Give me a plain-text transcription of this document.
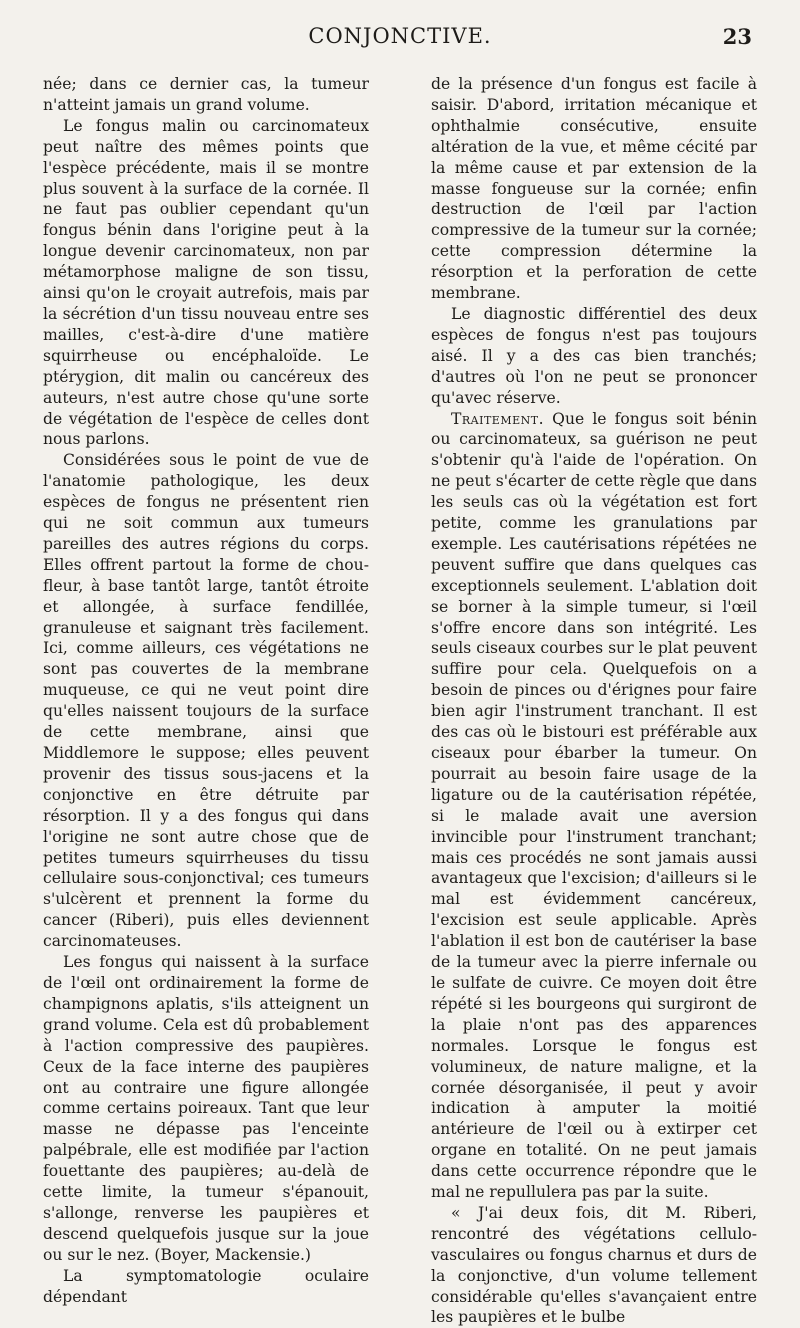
CONJONCTIVE.	23

née; dans ce dernier cas, la tumeur n'atteint jamais un grand volume.

Le fongus malin ou carcinomateux peut naître des mêmes points que l'espèce précédente, mais il se montre plus souvent à la surface de la cornée. Il ne faut pas oublier cependant qu'un fongus bénin dans l'origine peut à la longue devenir carcinomateux, non par métamorphose maligne de son tissu, ainsi qu'on le croyait autrefois, mais par la sécrétion d'un tissu nouveau entre ses mailles, c'est-à-dire d'une matière squirrheuse ou encéphaloïde. Le ptérygion, dit malin ou cancéreux des auteurs, n'est autre chose qu'une sorte de végétation de l'espèce de celles dont nous parlons.

Considérées sous le point de vue de l'anatomie pathologique, les deux espèces de fongus ne présentent rien qui ne soit commun aux tumeurs pareilles des autres régions du corps. Elles offrent partout la forme de chou-fleur, à base tantôt large, tantôt étroite et allongée, à surface fendillée, granuleuse et saignant très facilement. Ici, comme ailleurs, ces végétations ne sont pas couvertes de la membrane muqueuse, ce qui ne veut point dire qu'elles naissent toujours de la surface de cette membrane, ainsi que Middlemore le suppose; elles peuvent provenir des tissus sous-jacens et la conjonctive en être détruite par résorption. Il y a des fongus qui dans l'origine ne sont autre chose que de petites tumeurs squirrheuses du tissu cellulaire sous-conjonctival; ces tumeurs s'ulcèrent et prennent la forme du cancer (Riberi), puis elles deviennent carcinomateuses.

Les fongus qui naissent à la surface de l'œil ont ordinairement la forme de champignons aplatis, s'ils atteignent un grand volume. Cela est dû probablement à l'action compressive des paupières. Ceux de la face interne des paupières ont au contraire une figure allongée comme certains poireaux. Tant que leur masse ne dépasse pas l'enceinte palpébrale, elle est modifiée par l'action fouettante des paupières; au-delà de cette limite, la tumeur s'épanouit, s'allonge, renverse les paupières et descend quelquefois jusque sur la joue ou sur le nez. (Boyer, Mackensie.)

La symptomatologie oculaire dépendant

de la présence d'un fongus est facile à saisir. D'abord, irritation mécanique et ophthalmie consécutive, ensuite altération de la vue, et même cécité par la même cause et par extension de la masse fongueuse sur la cornée; enfin destruction de l'œil par l'action compressive de la tumeur sur la cornée; cette compression détermine la résorption et la perforation de cette membrane.

Le diagnostic différentiel des deux espèces de fongus n'est pas toujours aisé. Il y a des cas bien tranchés; d'autres où l'on ne peut se prononcer qu'avec réserve.

Traitement. Que le fongus soit bénin ou carcinomateux, sa guérison ne peut s'obtenir qu'à l'aide de l'opération. On ne peut s'écarter de cette règle que dans les seuls cas où la végétation est fort petite, comme les granulations par exemple. Les cautérisations répétées ne peuvent suffire que dans quelques cas exceptionnels seulement. L'ablation doit se borner à la simple tumeur, si l'œil s'offre encore dans son intégrité. Les seuls ciseaux courbes sur le plat peuvent suffire pour cela. Quelquefois on a besoin de pinces ou d'érignes pour faire bien agir l'instrument tranchant. Il est des cas où le bistouri est préférable aux ciseaux pour ébarber la tumeur. On pourrait au besoin faire usage de la ligature ou de la cautérisation répétée, si le malade avait une aversion invincible pour l'instrument tranchant; mais ces procédés ne sont jamais aussi avantageux que l'excision; d'ailleurs si le mal est évidemment cancéreux, l'excision est seule applicable. Après l'ablation il est bon de cautériser la base de la tumeur avec la pierre infernale ou le sulfate de cuivre. Ce moyen doit être répété si les bourgeons qui surgiront de la plaie n'ont pas des apparences normales. Lorsque le fongus est volumineux, de nature maligne, et la cornée désorganisée, il peut y avoir indication à amputer la moitié antérieure de l'œil ou à extirper cet organe en totalité. On ne peut jamais dans cette occurrence répondre que le mal ne repullulera pas par la suite.

« J'ai deux fois, dit M. Riberi, rencontré des végétations cellulo-vasculaires ou fongus charnus et durs de la conjonctive, d'un volume tellement considérable qu'elles s'avançaient entre les paupières et le bulbe
